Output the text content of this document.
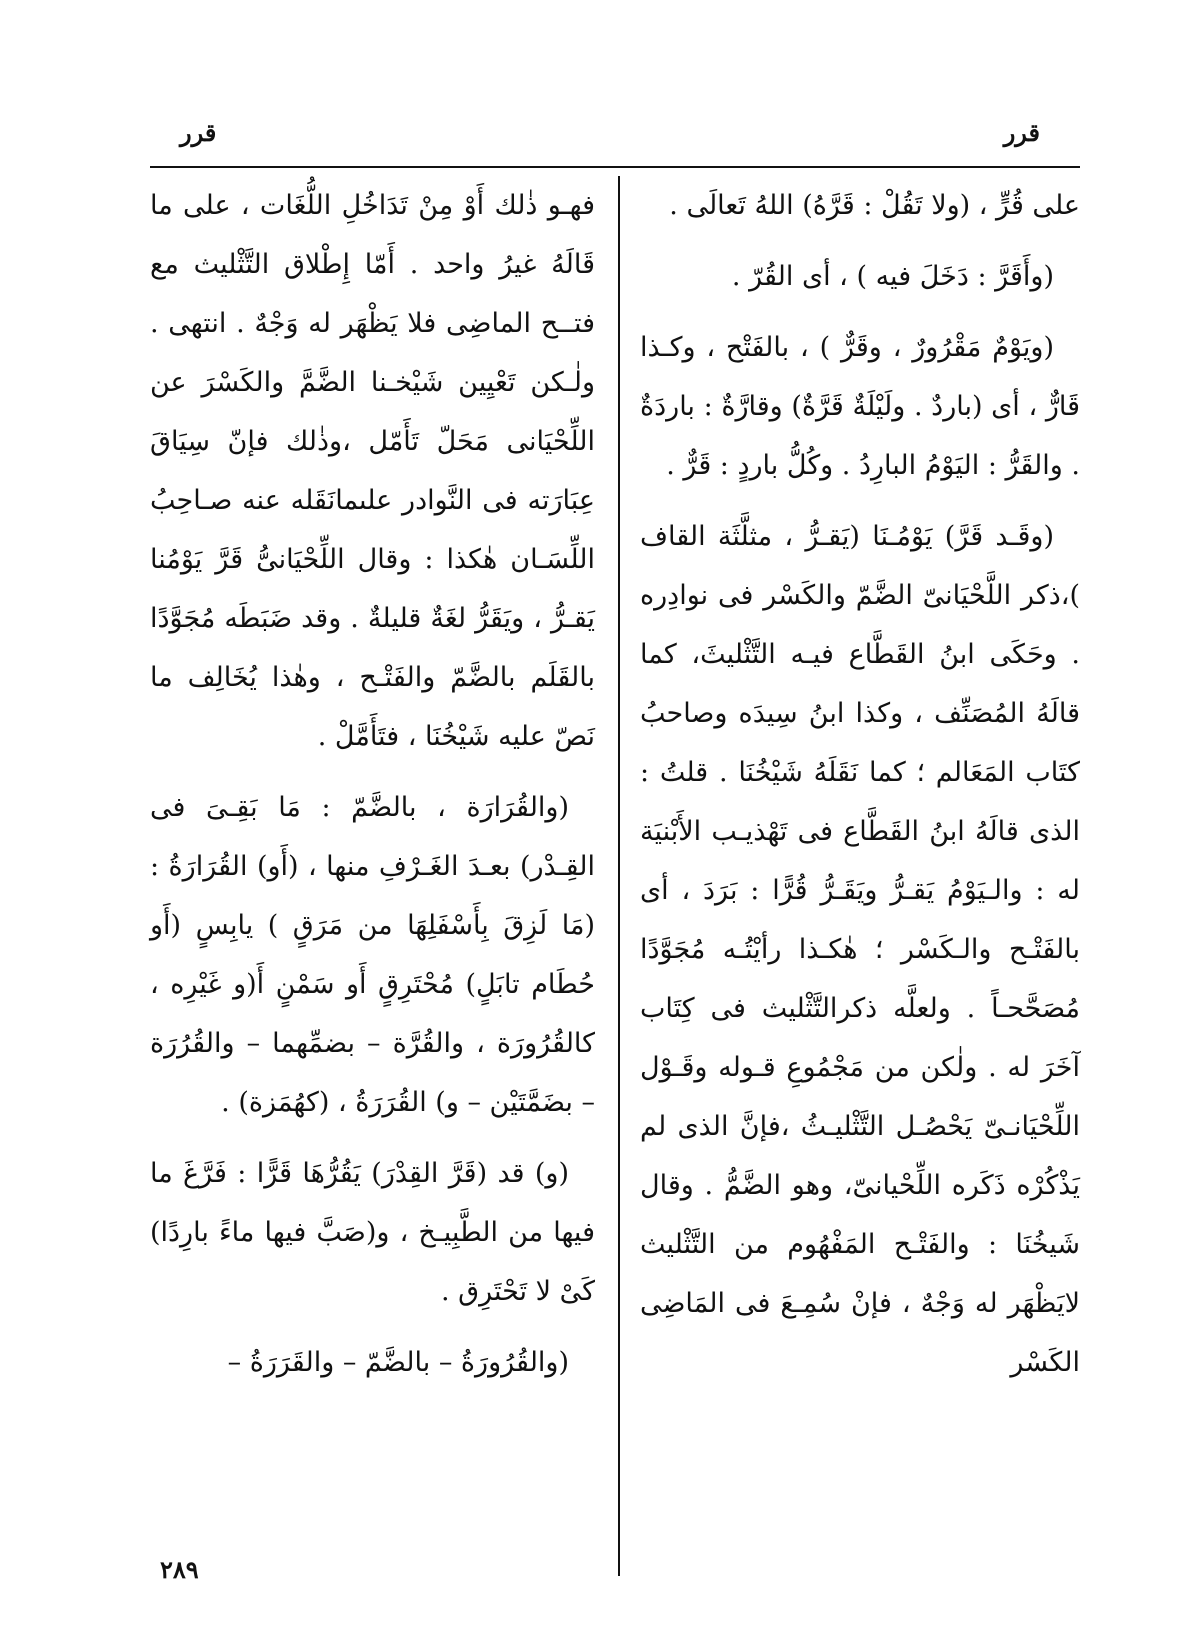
قرر
قرر

على قُرٍّ ، (ولا تَقُلْ : قَرَّهُ) اللهُ تَعالَى .

(وأَقَرَّ : دَخَلَ فيه ) ، أى القُرّ .

(ويَوْمٌ مَقْرُورٌ ، وقَرٌّ ) ، بالفَتْح ، وكـذا قَارٌّ ، أى (باردٌ . ولَيْلَةٌ قَرَّةٌ) وقارَّةٌ : باردَةٌ . والقَرُّ : اليَوْمُ البارِدُ . وكُلُّ باردٍ : قَرٌّ .

(وقَـد قَرَّ) يَوْمُـنَا (يَقـرُّ ، مثلَّثَة القاف )،ذكر اللَّحْيَانىّ الضَّمّ والكَسْر فى نوادِره . وحَكَى ابنُ القَطَّاع فيـه التَّثْليثَ، كما قالَهُ المُصَنِّف ، وكذا ابنُ سِيدَه وصاحبُ كتَاب المَعَالم ؛ كما نَقَلَهُ شَيْخُنَا . قلتُ : الذى قالَهُ ابنُ القَطَّاع فى تَهْذيـب الأَبْنيَة له : والـيَوْمُ يَقـرُّ ويَقَـرُّ قُرًّا : بَرَدَ ، أى بالفَتْـح والـكَسْر ؛ هٰكـذا رأيْتُـه مُجَوَّدًا مُصَحَّحـاً . ولعلَّه ذكرالتَّثْليث فى كِتَاب آخَرَ له . ولٰكن من مَجْمُوعِ قـوله وقَـوْل اللِّحْيَانـىّ يَحْصُـل التَّثْليـثُ ،فإنَّ الذى لم يَذْكُرْه ذَكَره اللِّحْيانىّ، وهو الضَّمُّ . وقال شَيخُنَا : والفَتْـح المَفْهُوم من التَّثْليث لايَظْهَر له وَجْهٌ ، فإنْ سُمِـعَ فى المَاضِى الكَسْر

فهـو ذٰلك أَوْ مِنْ تَدَاخُلِ اللُّغَات ، على ما قَالَهُ غيرُ واحد . أَمّا إِطْلاق التَّثْليث مع فتــح الماضِى فلا يَظْهَر له وَجْهٌ . انتهى . ولٰـكن تَعْيِين شَيْخـنا الضَّمَّ والكَسْرَ عن اللِّحْيَانى مَحَلّ تَأَمّل ،وذٰلك فإنّ سِيَاقَ عِبَارَته فى النَّوادر علىمانَقَله عنه صـاحِبُ اللِّسَـان هٰكذا : وقال اللِّحْيَانىُّ قَرَّ يَوْمُنا يَقـرُّ ، ويَقَرُّ لغَةٌ قليلةٌ . وقد ضَبَطَه مُجَوَّدًا بالقَلَم بالضَّمّ والفَتْـح ، وهٰذا يُخَالِف ما نَصّ عليه شَيْخُنَا ، فتَأَمَّلْ .

(والقُرَارَة ، بالضَّمّ : مَا بَقِـىَ فى القِـدْر) بعـدَ الغَـرْفِ منها ، (أَو) القُرَارَةُ : (مَا لَزِقَ بِأَسْفَلِهَا من مَرَقٍ ) يابِسٍ (أَو حُطَام تابَلٍ) مُحْتَرِقٍ أَو سَمْنٍ أَ(و غَيْرِه ، كالقُرُورَة ، والقُرَّة – بضمِّهما – والقُرُرَة – بضَمَّتَيْن – و) القُرَرَةُ ، (كهُمَزة) .

(و) قد (قَرَّ القِدْرَ) يَقُرُّهَا قَرًّا : فَرَّغَ ما فيها من الطَّبِيـخ ، و(صَبَّ فيها ماءً بارِدًا) كَىْ لا تَحْتَرِق .

(والقُرُورَةُ – بالضَّمّ – والقَرَرَةُ –

٢٨٩
